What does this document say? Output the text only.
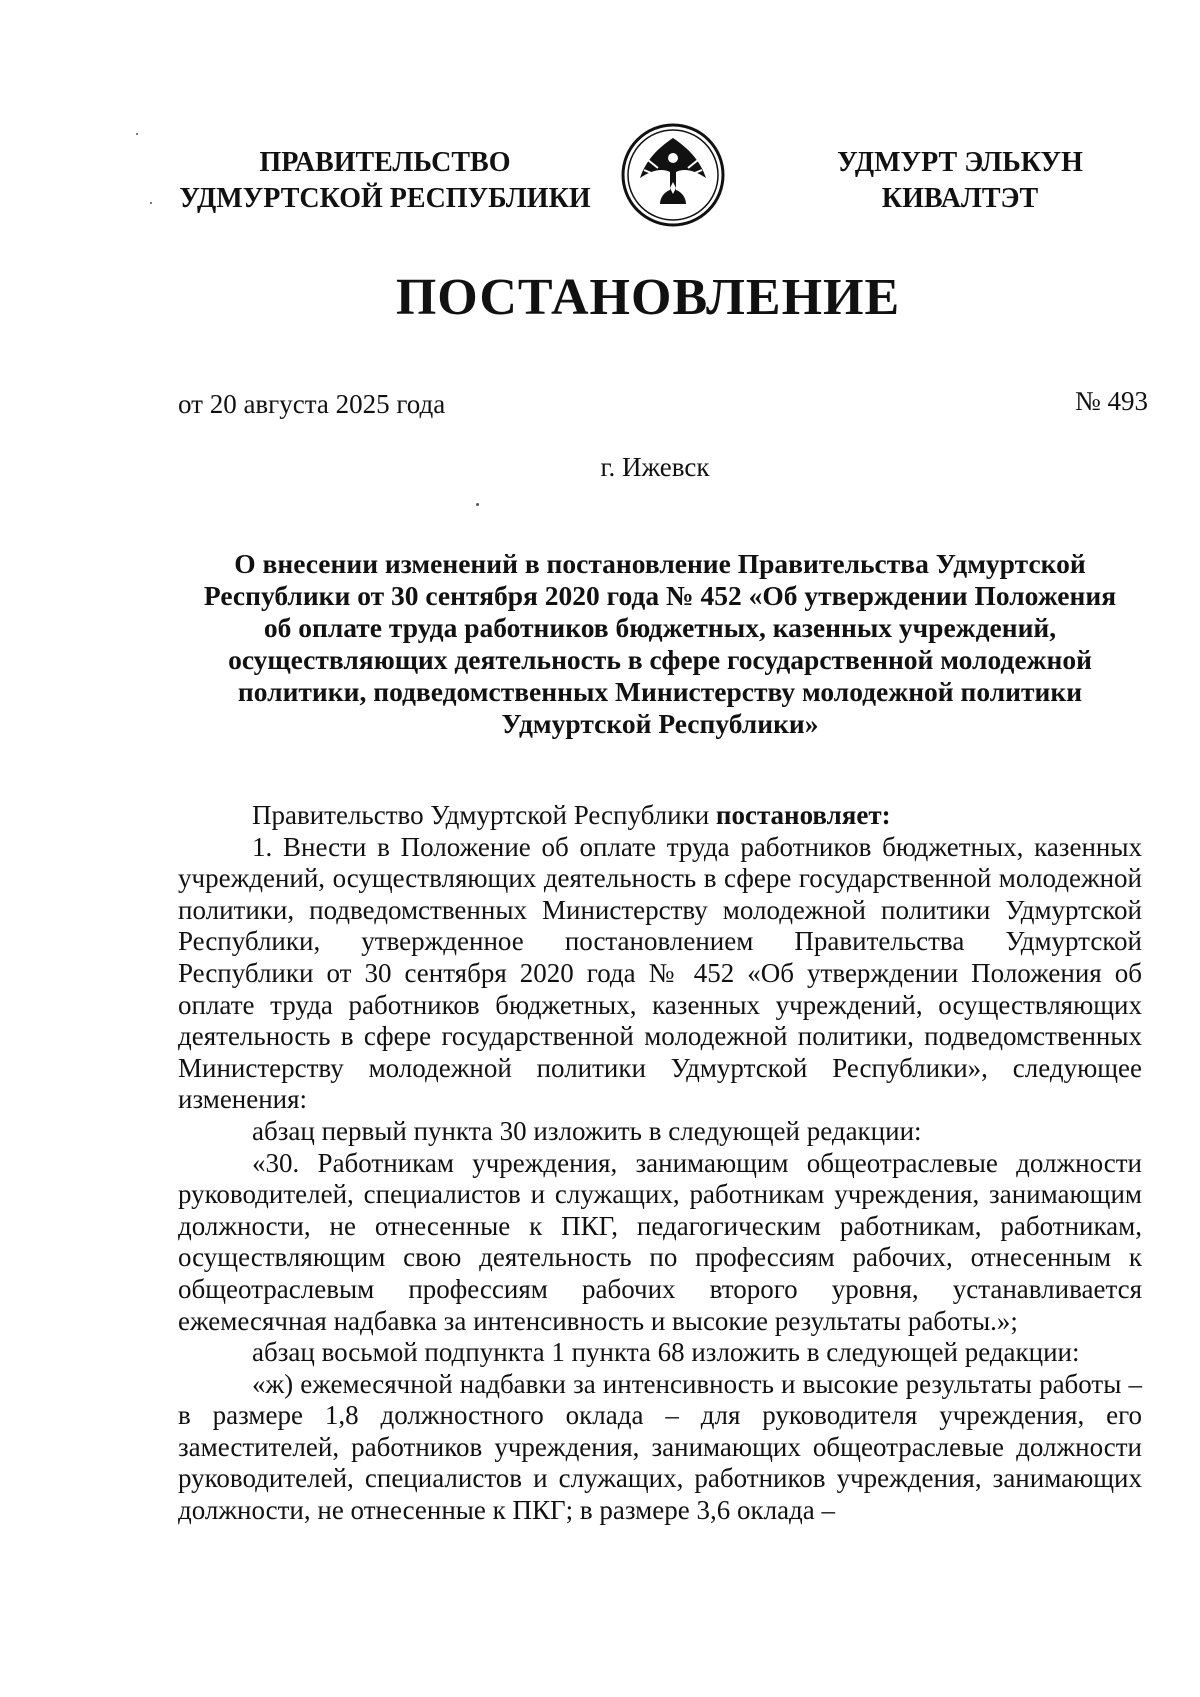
ПРАВИТЕЛЬСТВО
УДМУРТСКОЙ РЕСПУБЛИКИ
УДМУРТ ЭЛЬКУН
КИВАЛТЭТ
ПОСТАНОВЛЕНИЕ
от 20 августа 2025 года	№ 493
г. Ижевск
О внесении изменений в постановление Правительства Удмуртской
Республики от 30 сентября 2020 года № 452 «Об утверждении Положения
об оплате труда работников бюджетных, казенных учреждений,
осуществляющих деятельность в сфере государственной молодежной
политики, подведомственных Министерству молодежной политики
Удмуртской Республики»

Правительство Удмуртской Республики постановляет:

1. Внести в Положение об оплате труда работников бюджетных, казенных учреждений, осуществляющих деятельность в сфере государственной молодежной политики, подведомственных Министерству молодежной политики Удмуртской Республики, утвержденное постановлением Правительства Удмуртской Республики от 30 сентября 2020 года № 452 «Об утверждении Положения об оплате труда работников бюджетных, казенных учреждений, осуществляющих деятельность в сфере государственной молодежной политики, подведомственных Министерству молодежной политики Удмуртской Республики», следующее изменения:

абзац первый пункта 30 изложить в следующей редакции:

«30. Работникам учреждения, занимающим общеотраслевые должности руководителей, специалистов и служащих, работникам учреждения, занимающим должности, не отнесенные к ПКГ, педагогическим работникам, работникам, осуществляющим свою деятельность по профессиям рабочих, отнесенным к общеотраслевым профессиям рабочих второго уровня, устанавливается ежемесячная надбавка за интенсивность и высокие результаты работы.»;

абзац восьмой подпункта 1 пункта 68 изложить в следующей редакции:

«ж) ежемесячной надбавки за интенсивность и высокие результаты работы – в размере 1,8 должностного оклада – для руководителя учреждения, его заместителей, работников учреждения, занимающих общеотраслевые должности руководителей, специалистов и служащих, работников учреждения, занимающих должности, не отнесенные к ПКГ; в размере 3,6 оклада –
